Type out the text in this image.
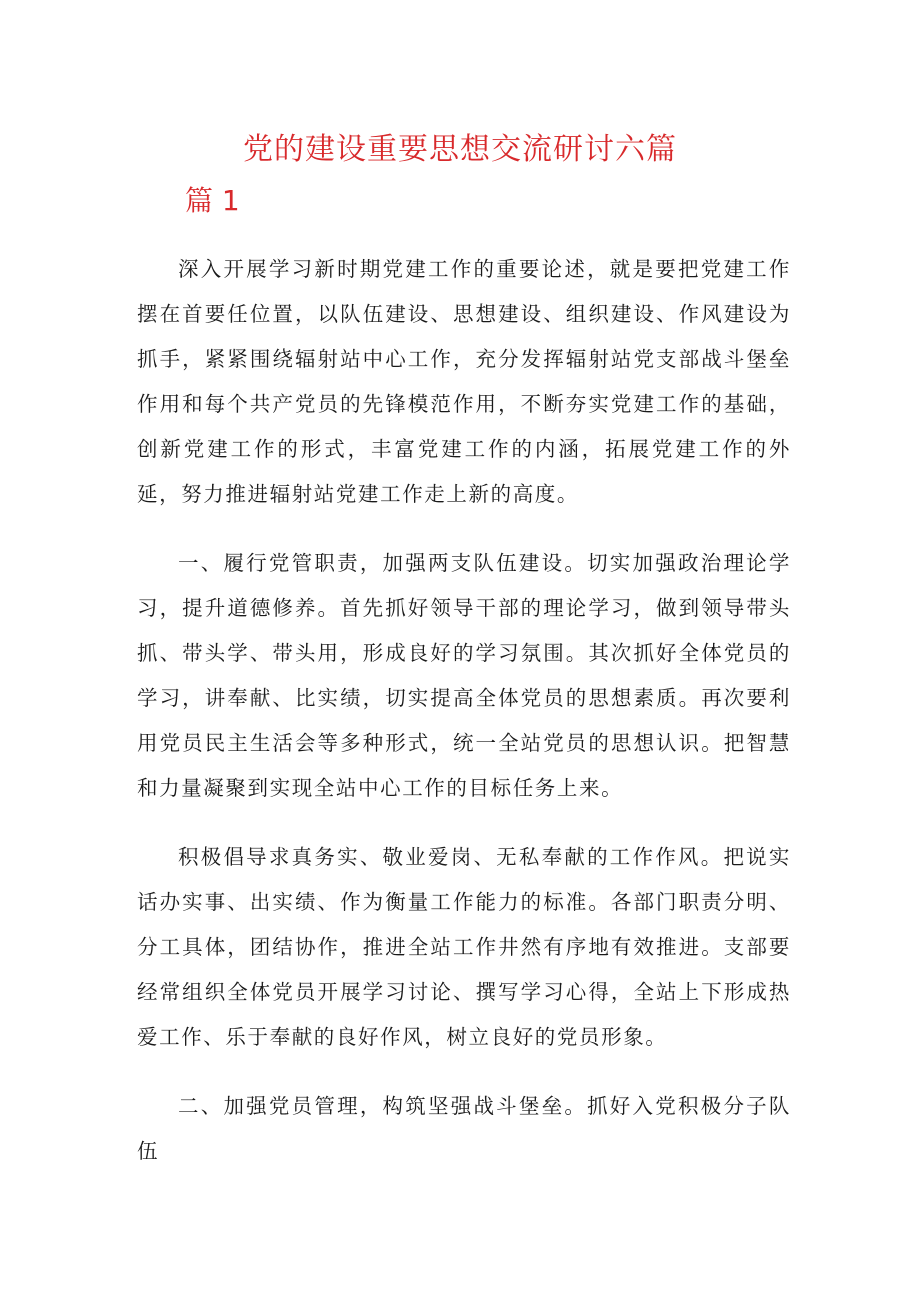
党的建设重要思想交流研讨六篇
篇 1

深入开展学习新时期党建工作的重要论述，就是要把党建工作摆在首要任位置，以队伍建设、思想建设、组织建设、作风建设为抓手，紧紧围绕辐射站中心工作，充分发挥辐射站党支部战斗堡垒作用和每个共产党员的先锋模范作用，不断夯实党建工作的基础，创新党建工作的形式，丰富党建工作的内涵，拓展党建工作的外延，努力推进辐射站党建工作走上新的高度。

一、履行党管职责，加强两支队伍建设。切实加强政治理论学习，提升道德修养。首先抓好领导干部的理论学习，做到领导带头抓、带头学、带头用，形成良好的学习氛围。其次抓好全体党员的学习，讲奉献、比实绩，切实提高全体党员的思想素质。再次要利用党员民主生活会等多种形式，统一全站党员的思想认识。把智慧和力量凝聚到实现全站中心工作的目标任务上来。

积极倡导求真务实、敬业爱岗、无私奉献的工作作风。把说实话办实事、出实绩、作为衡量工作能力的标准。各部门职责分明、分工具体，团结协作，推进全站工作井然有序地有效推进。支部要经常组织全体党员开展学习讨论、撰写学习心得，全站上下形成热爱工作、乐于奉献的良好作风，树立良好的党员形象。

二、加强党员管理，构筑坚强战斗堡垒。抓好入党积极分子队伍
